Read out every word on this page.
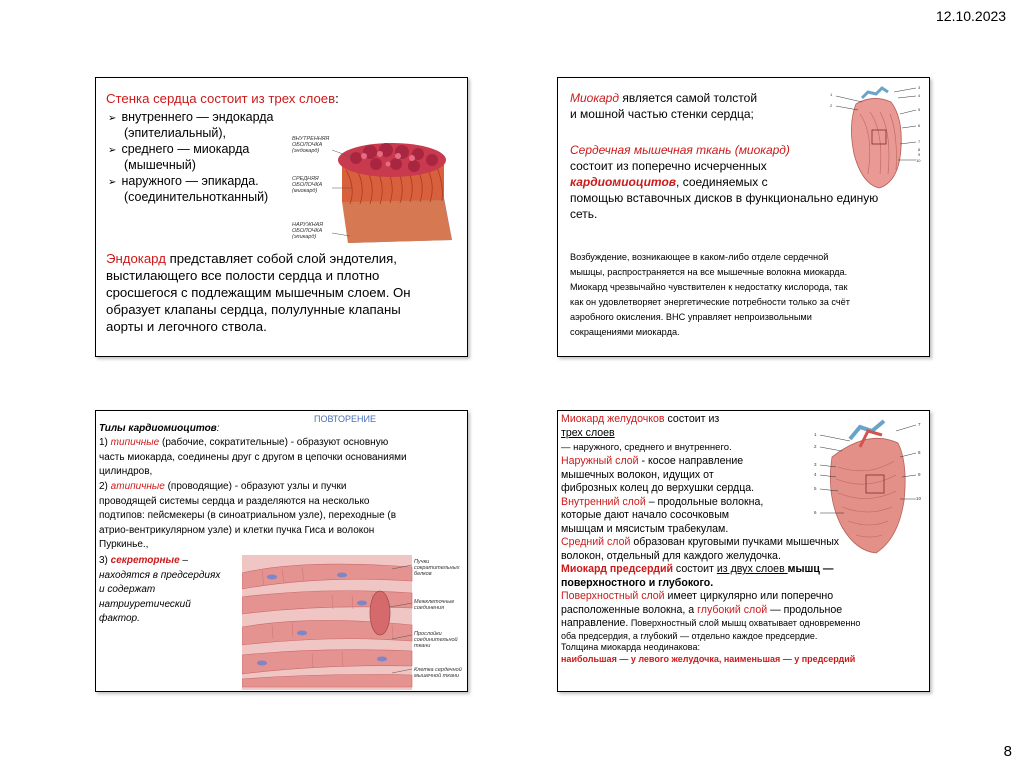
12.10.2023
8
Стенка сердца состоит из трех слоев:
➢ внутреннего — эндокарда
(эпителиальный),
➢ среднего — миокарда
(мышечный)
➢ наружного — эпикарда.
(соединительнотканный)
ВНУТРЕННЯЯ
ОБОЛОЧКА
(эндокард)
СРЕДНЯЯ
ОБОЛОЧКА
(миокард)
НАРУЖНАЯ
ОБОЛОЧКА
(эпикард)
Эндокард представляет собой слой эндотелия,
выстилающего все полости сердца и плотно
сросшегося с подлежащим мышечным слоем. Он
образует клапаны сердца, полулунные клапаны
аорты и легочного ствола.
Миокард является самой толстой
и мошной частью стенки сердца;
Сердечная мышечная ткань (миокард)
состоит из поперечно исчерченных
кардиомиоцитов, соединяемых с
помощью вставочных дисков в функционально единую
сеть.
Возбуждение, возникающее в каком-либо отделе сердечной
мышцы, распространяется на все мышечные волокна миокарда.
Миокард чрезвычайно чувствителен к недостатку кислорода, так
как он удовлетворяет энергетические потребности только за счёт
аэробного окисления. ВНС управляет непроизвольными
сокращениями миокарда.
1
2
3
4
5
6
7
8
9
10
ПОВТОРЕНИЕ
Тилы кардиомиоцитов:
1) типичные (рабочие, сократительные) - образуют основную
часть миокарда, соединены друг с другом в цепочки основаниями
цилиндров,
2) атипичные (проводящие) - образуют узлы и пучки
проводящей системы сердца и разделяются на несколько
подтипов: пейсмекеры (в синоатриальном узле), переходные (в
атрио-вентрикулярном узле) и клетки пучка Гиса и волокон
Пуркинье.,
3) секреторные –
находятся в предсердиях
и содержат
натриуретический
фактор.
Пучки
сократительных
белков
Межклеточные
соединения
Прослойки
соединительной
ткани
Клетка сердечной
мышечной ткани
Миокард желудочков состоит из
трех слоев
— наружного, среднего и внутреннего.
Наружный слой - косое направление
мышечных волокон, идущих от
фиброзных колец до верхушки сердца.
Внутренний слой – продольные волокна,
которые дают начало сосочковым
мышцам и мясистым трабекулам.
Средний слой образован круговыми пучками мышечных
волокон, отдельный для каждого желудочка.
Миокард предсердий состоит из двух слоев мышц —
поверхностного и глубокого.
Поверхностный слой имеет циркулярно или поперечно
расположенные волокна, а глубокий слой — продольное
направление. Поверхностный слой мышц охватывает одновременно
оба предсердия, а глубокий — отдельно каждое предсердие.
Толщина миокарда неодинакова:
наибольшая — у левого желудочка, наименьшая — у предсердий
1
2
3
4
5
6
7
8
9
10
